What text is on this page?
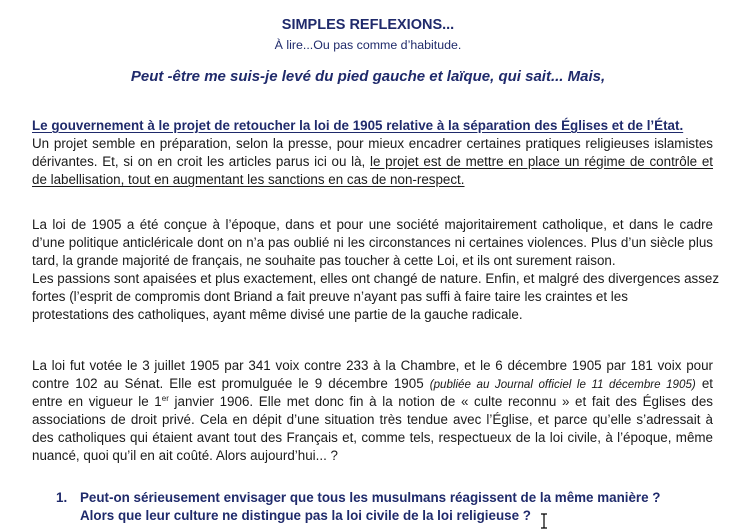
SIMPLES REFLEXIONS...
À lire...Ou pas comme d’habitude.
Peut -être me suis-je levé du pied gauche et laïque, qui sait... Mais,
Le gouvernement à le projet de retoucher la loi de 1905 relative à la séparation des Églises et de l’État.
Un projet semble en préparation, selon la presse, pour mieux encadrer certaines pratiques religieuses islamistes
dérivantes. Et, si on en croit les articles parus ici ou là, le projet est de mettre en place un régime de contrôle et
de labellisation, tout en augmentant les sanctions en cas de non-respect.
La loi de 1905 a été conçue à l’époque, dans et pour une société majoritairement catholique, et dans le cadre
d’une politique anticléricale dont on n’a pas oublié ni les circonstances ni certaines violences. Plus d’un siècle plus
tard, la grande majorité de français, ne souhaite pas toucher à cette Loi, et ils ont surement raison.
Les passions sont apaisées et plus exactement, elles ont changé de nature. Enfin, et malgré des divergences assez
fortes (l’esprit de compromis dont Briand a fait preuve n’ayant pas suffi à faire taire les craintes et les
protestations des catholiques, ayant même divisé une partie de la gauche radicale.
La loi fut votée le 3 juillet 1905 par 341 voix contre 233 à la Chambre, et le 6 décembre 1905 par 181 voix pour
contre 102 au Sénat. Elle est promulguée le 9 décembre 1905 (publiée au Journal officiel le 11 décembre 1905) et
entre en vigueur le 1er janvier 1906. Elle met donc fin à la notion de « culte reconnu » et fait des Églises des
associations de droit privé. Cela en dépit d’une situation très tendue avec l’Église, et parce qu’elle s’adressait à
des catholiques qui étaient avant tout des Français et, comme tels, respectueux de la loi civile, à l’époque, même
nuancé, quoi qu’il en ait coûté. Alors aujourd’hui... ?
1. Peut-on sérieusement envisager que tous les musulmans réagissent de la même manière ?
Alors que leur culture ne distingue pas la loi civile de la loi religieuse ?
